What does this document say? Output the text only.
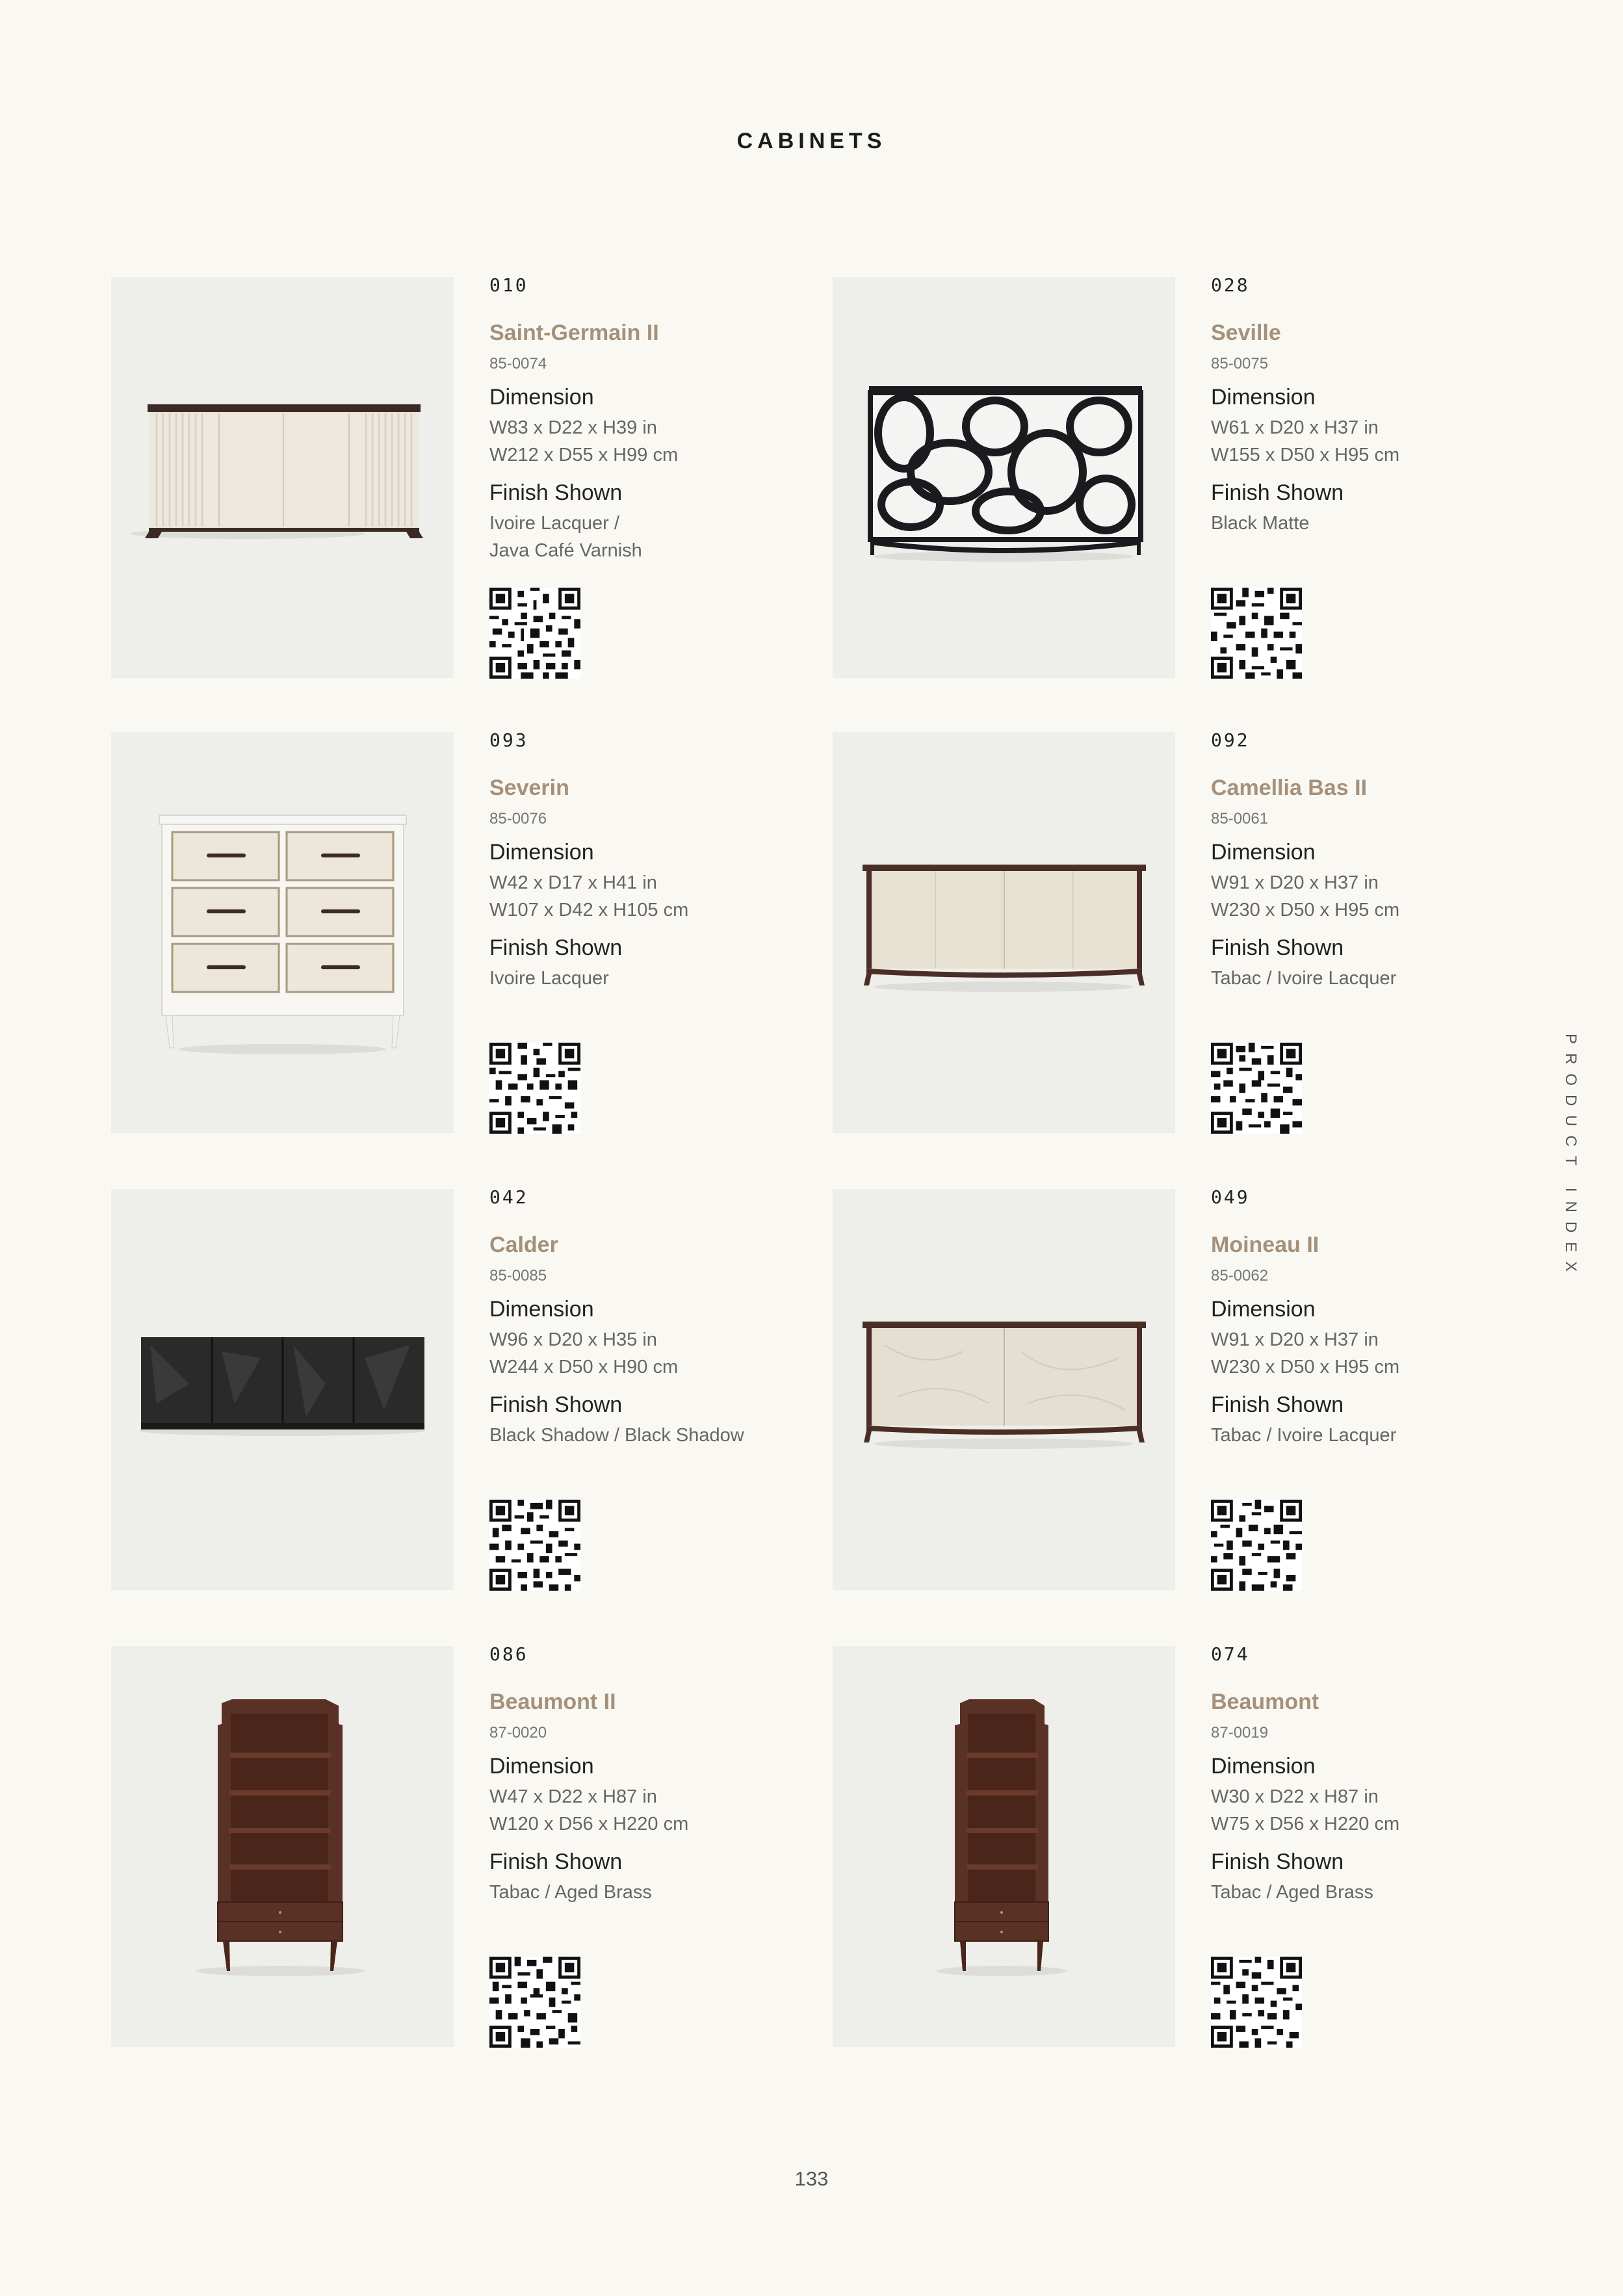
CABINETS
PRODUCT INDEX
010
Saint-Germain II
85-0074
Dimension
W83 x D22 x H39 in
W212 x D55 x H99 cm
Finish Shown
Ivoire Lacquer /
Java Café Varnish
028
Seville
85-0075
Dimension
W61 x D20 x H37 in
W155 x D50 x H95 cm
Finish Shown
Black Matte
093
Severin
85-0076
Dimension
W42 x D17 x H41 in
W107 x D42 x H105 cm
Finish Shown
Ivoire Lacquer
092
Camellia Bas II
85-0061
Dimension
W91 x D20 x H37 in
W230 x D50 x H95 cm
Finish Shown
Tabac / Ivoire Lacquer
042
Calder
85-0085
Dimension
W96 x D20 x H35 in
W244 x D50 x H90 cm
Finish Shown
Black Shadow / Black Shadow
049
Moineau II
85-0062
Dimension
W91 x D20 x H37 in
W230 x D50 x H95 cm
Finish Shown
Tabac / Ivoire Lacquer
086
Beaumont II
87-0020
Dimension
W47 x D22 x H87 in
W120 x D56 x H220 cm
Finish Shown
Tabac / Aged Brass
074
Beaumont
87-0019
Dimension
W30 x D22 x H87 in
W75 x D56 x H220 cm
Finish Shown
Tabac / Aged Brass
133
